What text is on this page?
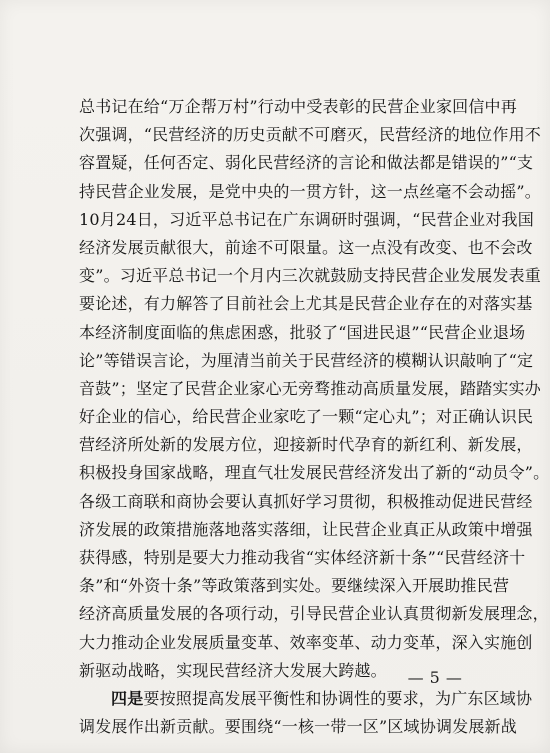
总书记在给“万企帮万村”行动中受表彰的民营企业家回信中再
次强调，“民营经济的历史贡献不可磨灭，民营经济的地位作用不
容置疑，任何否定、弱化民营经济的言论和做法都是错误的”“支
持民营企业发展，是党中央的一贯方针，这一点丝毫不会动摇”。
10月24日，习近平总书记在广东调研时强调，“民营企业对我国
经济发展贡献很大，前途不可限量。这一点没有改变、也不会改
变”。习近平总书记一个月内三次就鼓励支持民营企业发展发表重
要论述，有力解答了目前社会上尤其是民营企业存在的对落实基
本经济制度面临的焦虑困惑，批驳了“国进民退”“民营企业退场
论”等错误言论，为厘清当前关于民营经济的模糊认识敲响了“定
音鼓”；坚定了民营企业家心无旁骛推动高质量发展，踏踏实实办
好企业的信心，给民营企业家吃了一颗“定心丸”；对正确认识民
营经济所处新的发展方位，迎接新时代孕育的新红利、新发展，
积极投身国家战略，理直气壮发展民营经济发出了新的“动员令”。
各级工商联和商协会要认真抓好学习贯彻，积极推动促进民营经
济发展的政策措施落地落实落细，让民营企业真正从政策中增强
获得感，特别是要大力推动我省“实体经济新十条”“民营经济十
条”和“外资十条”等政策落到实处。要继续深入开展助推民营
经济高质量发展的各项行动，引导民营企业认真贯彻新发展理念，
大力推动企业发展质量变革、效率变革、动力变革，深入实施创
新驱动战略，实现民营经济大发展大跨越。
四是要按照提高发展平衡性和协调性的要求，为广东区域协
调发展作出新贡献。要围绕“一核一带一区”区域协调发展新战
— 5 —
